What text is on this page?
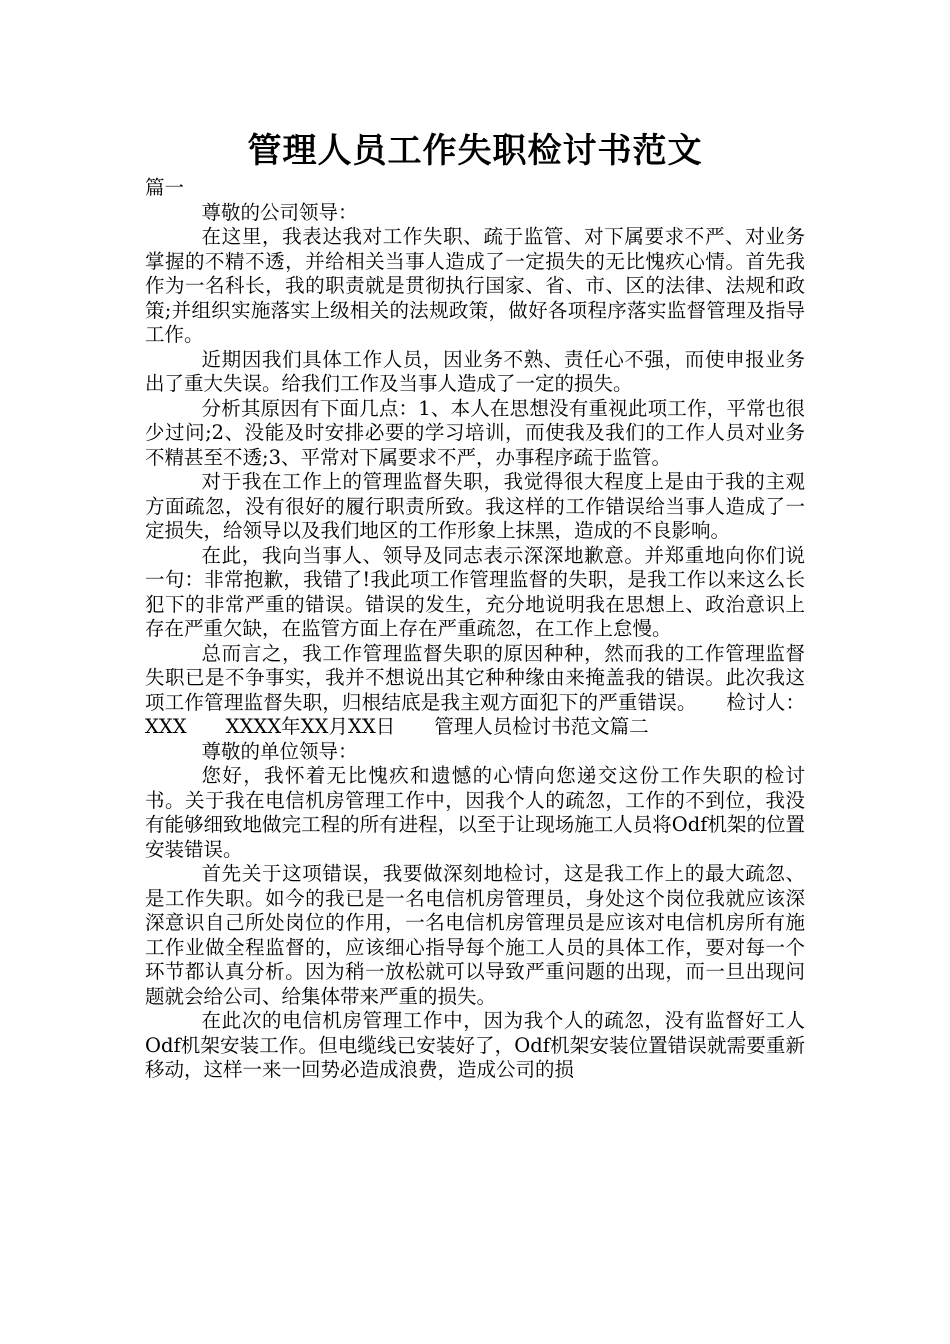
管理人员工作失职检讨书范文

篇一

尊敬的公司领导：

在这里，我表达我对工作失职、疏于监管、对下属要求不严、对业务掌握的不精不透，并给相关当事人造成了一定损失的无比愧疚心情。首先我作为一名科长，我的职责就是贯彻执行国家、省、市、区的法律、法规和政策;并组织实施落实上级相关的法规政策，做好各项程序落实监督管理及指导工作。

近期因我们具体工作人员，因业务不熟、责任心不强，而使申报业务出了重大失误。给我们工作及当事人造成了一定的损失。

分析其原因有下面几点：1、本人在思想没有重视此项工作，平常也很少过问;2、没能及时安排必要的学习培训，而使我及我们的工作人员对业务不精甚至不透;3、平常对下属要求不严，办事程序疏于监管。

对于我在工作上的管理监督失职，我觉得很大程度上是由于我的主观方面疏忽，没有很好的履行职责所致。我这样的工作错误给当事人造成了一定损失，给领导以及我们地区的工作形象上抹黑，造成的不良影响。

在此，我向当事人、领导及同志表示深深地歉意。并郑重地向你们说一句：非常抱歉，我错了!我此项工作管理监督的失职，是我工作以来这么长犯下的非常严重的错误。错误的发生，充分地说明我在思想上、政治意识上存在严重欠缺，在监管方面上存在严重疏忽，在工作上怠慢。

总而言之，我工作管理监督失职的原因种种，然而我的工作管理监督失职已是不争事实，我并不想说出其它种种缘由来掩盖我的错误。此次我这项工作管理监督失职，归根结底是我主观方面犯下的严重错误。　　检讨人：XXX　　XXXX年XX月XX日　　管理人员检讨书范文篇二

尊敬的单位领导：

您好，我怀着无比愧疚和遗憾的心情向您递交这份工作失职的检讨书。关于我在电信机房管理工作中，因我个人的疏忽，工作的不到位，我没有能够细致地做完工程的所有进程，以至于让现场施工人员将Odf机架的位置安装错误。

首先关于这项错误，我要做深刻地检讨，这是我工作上的最大疏忽、是工作失职。如今的我已是一名电信机房管理员，身处这个岗位我就应该深深意识自己所处岗位的作用，一名电信机房管理员是应该对电信机房所有施工作业做全程监督的，应该细心指导每个施工人员的具体工作，要对每一个环节都认真分析。因为稍一放松就可以导致严重问题的出现，而一旦出现问题就会给公司、给集体带来严重的损失。

在此次的电信机房管理工作中，因为我个人的疏忽，没有监督好工人Odf机架安装工作。但电缆线已安装好了，Odf机架安装位置错误就需要重新移动，这样一来一回势必造成浪费，造成公司的损
